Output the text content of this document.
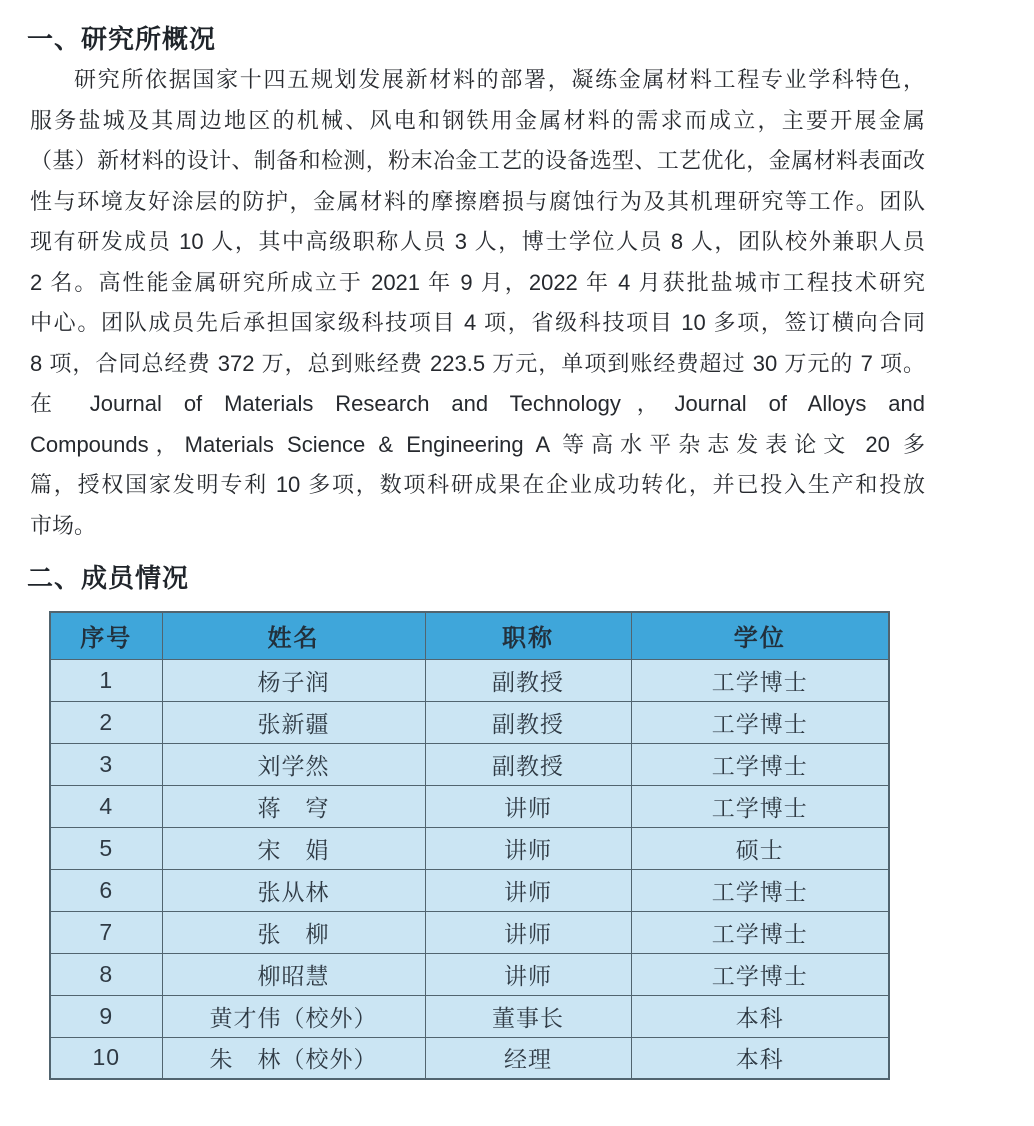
一、研究所概况
研究所依据国家十四五规划发展新材料的部署，凝练金属材料工程专业学科特色，
服务盐城及其周边地区的机械、风电和钢铁用金属材料的需求而成立，主要开展金属
（基）新材料的设计、制备和检测，粉末冶金工艺的设备选型、工艺优化，金属材料表面改
性与环境友好涂层的防护，金属材料的摩擦磨损与腐蚀行为及其机理研究等工作。团队
现有研发成员 10 人，其中高级职称人员 3 人，博士学位人员 8 人，团队校外兼职人员
2 名。高性能金属研究所成立于 2021 年 9 月，2022 年 4 月获批盐城市工程技术研究
中心。团队成员先后承担国家级科技项目 4 项，省级科技项目 10 多项，签订横向合同
8 项，合同总经费 372 万，总到账经费 223.5 万元，单项到账经费超过 30 万元的 7 项。
在 Journal of Materials Research and Technology，Journal of Alloys and
Compounds，Materials Science & Engineering A 等高水平杂志发表论文 20 多
篇，授权国家发明专利 10 多项，数项科研成果在企业成功转化，并已投入生产和投放
市场。
二、成员情况
序号	姓名	职称	学位
1	杨子润	副教授	工学博士
2	张新疆	副教授	工学博士
3	刘学然	副教授	工学博士
4	蒋　穹	讲师	工学博士
5	宋　娟	讲师	硕士
6	张从林	讲师	工学博士
7	张　柳	讲师	工学博士
8	柳昭慧	讲师	工学博士
9	黄才伟（校外）	董事长	本科
10	朱　林（校外）	经理	本科
